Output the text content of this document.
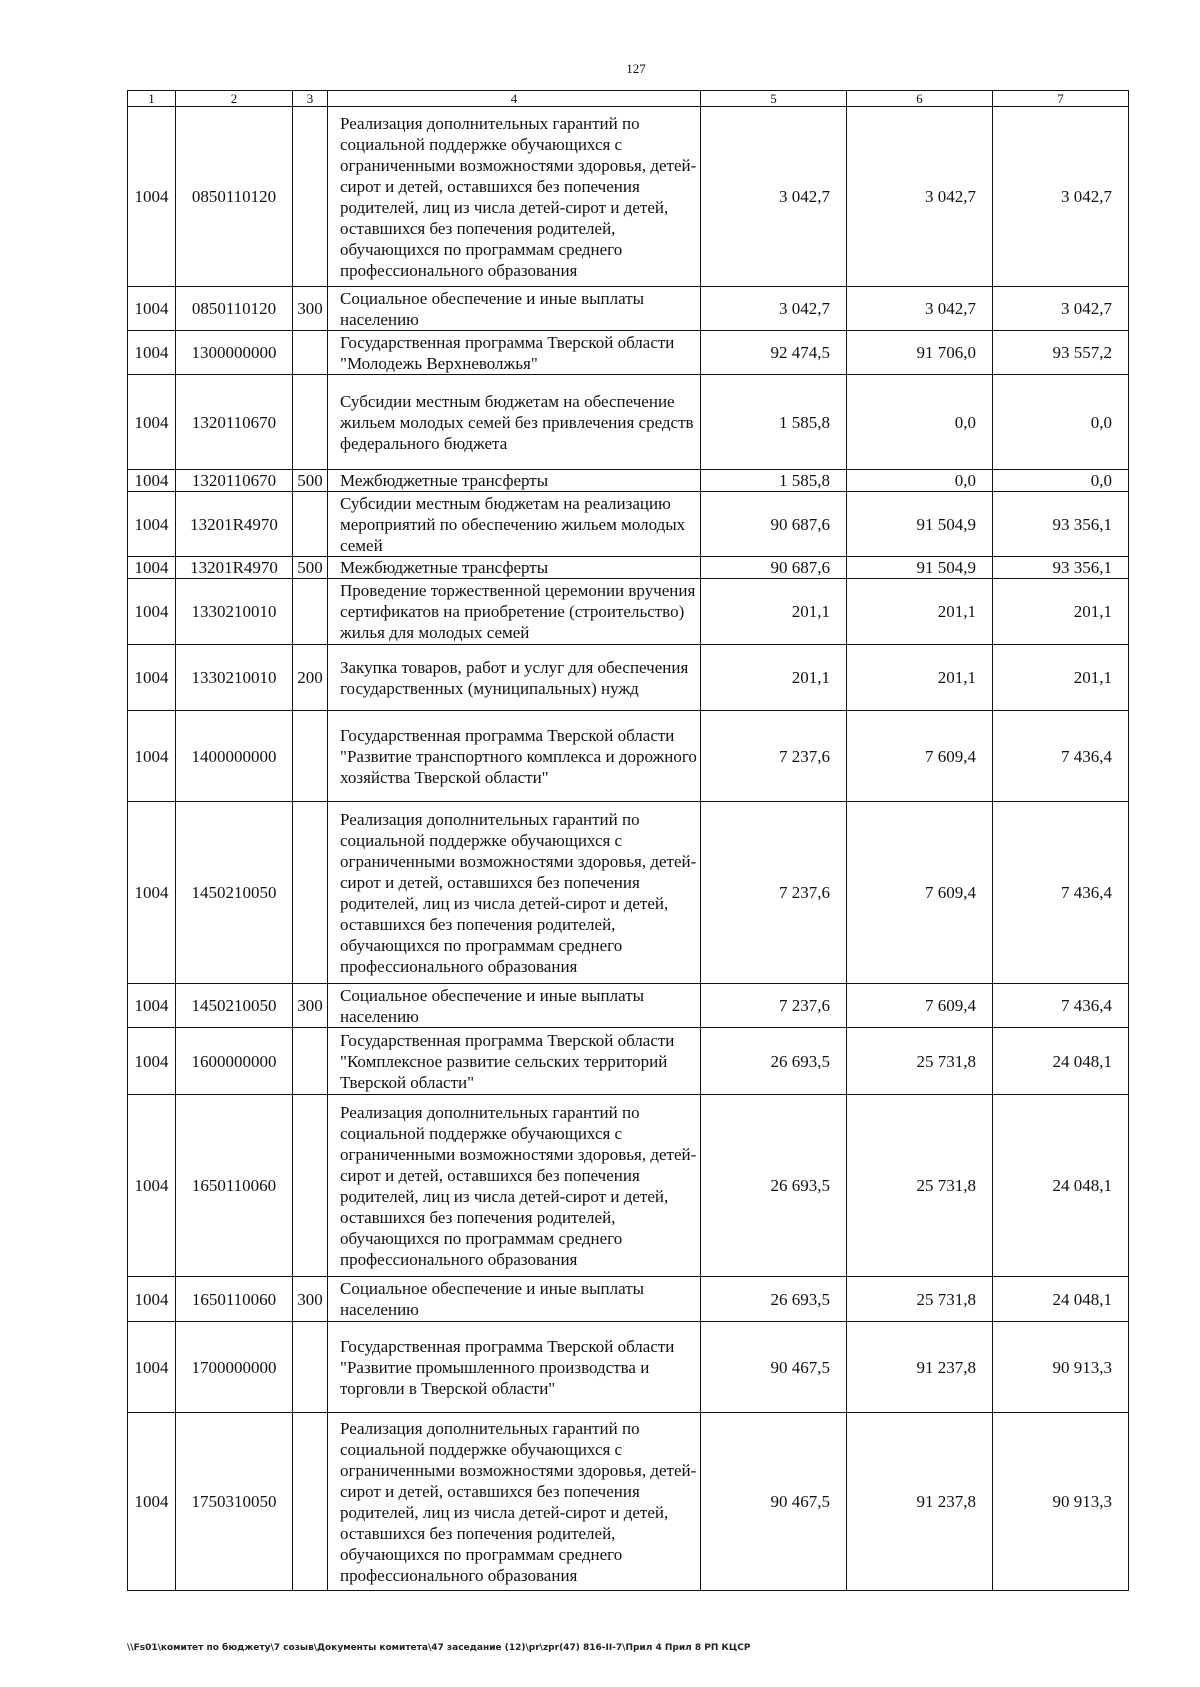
127
1	2	3	4	5	6	7
1004	0850110120		Реализация дополнительных гарантий по социальной поддержке обучающихся с ограниченными возможностями здоровья, детей-сирот и детей, оставшихся без попечения родителей, лиц из числа детей-сирот и детей, оставшихся без попечения родителей, обучающихся по программам среднего профессионального образования	3 042,7	3 042,7	3 042,7
1004	0850110120	300	Социальное обеспечение и иные выплаты населению	3 042,7	3 042,7	3 042,7
1004	1300000000		Государственная программа Тверской области "Молодежь Верхневолжья"	92 474,5	91 706,0	93 557,2
1004	1320110670		Субсидии местным бюджетам на обеспечение жильем молодых семей без привлечения средств федерального бюджета	1 585,8	0,0	0,0
1004	1320110670	500	Межбюджетные трансферты	1 585,8	0,0	0,0
1004	13201R4970		Субсидии местным бюджетам на реализацию мероприятий по обеспечению жильем молодых семей	90 687,6	91 504,9	93 356,1
1004	13201R4970	500	Межбюджетные трансферты	90 687,6	91 504,9	93 356,1
1004	1330210010		Проведение торжественной церемонии вручения сертификатов на приобретение (строительство) жилья для молодых семей	201,1	201,1	201,1
1004	1330210010	200	Закупка товаров, работ и услуг для обеспечения государственных (муниципальных) нужд	201,1	201,1	201,1
1004	1400000000		Государственная программа Тверской области "Развитие транспортного комплекса и дорожного хозяйства Тверской области"	7 237,6	7 609,4	7 436,4
1004	1450210050		Реализация дополнительных гарантий по социальной поддержке обучающихся с ограниченными возможностями здоровья, детей-сирот и детей, оставшихся без попечения родителей, лиц из числа детей-сирот и детей, оставшихся без попечения родителей, обучающихся по программам среднего профессионального образования	7 237,6	7 609,4	7 436,4
1004	1450210050	300	Социальное обеспечение и иные выплаты населению	7 237,6	7 609,4	7 436,4
1004	1600000000		Государственная программа Тверской области "Комплексное развитие сельских территорий Тверской области"	26 693,5	25 731,8	24 048,1
1004	1650110060		Реализация дополнительных гарантий по социальной поддержке обучающихся с ограниченными возможностями здоровья, детей-сирот и детей, оставшихся без попечения родителей, лиц из числа детей-сирот и детей, оставшихся без попечения родителей, обучающихся по программам среднего профессионального образования	26 693,5	25 731,8	24 048,1
1004	1650110060	300	Социальное обеспечение и иные выплаты населению	26 693,5	25 731,8	24 048,1
1004	1700000000		Государственная программа Тверской области "Развитие промышленного производства и торговли в Тверской области"	90 467,5	91 237,8	90 913,3
1004	1750310050		Реализация дополнительных гарантий по социальной поддержке обучающихся с ограниченными возможностями здоровья, детей-сирот и детей, оставшихся без попечения родителей, лиц из числа детей-сирот и детей, оставшихся без попечения родителей, обучающихся по программам среднего профессионального образования	90 467,5	91 237,8	90 913,3
\\Fs01\комитет по бюджету\7 созыв\Документы комитета\47 заседание (12)\pr\zpr(47) 816-II-7\Прил 4 Прил 8 РП КЦСР
